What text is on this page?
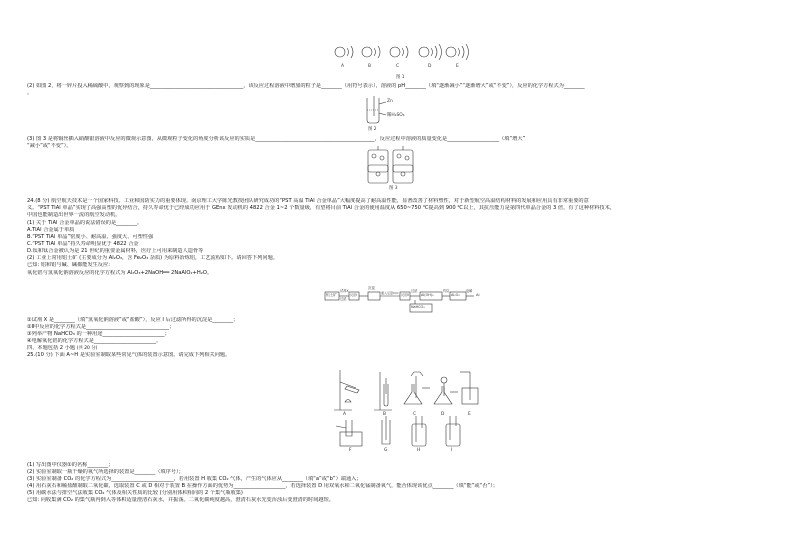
A	B	C	D	E
图 1
(2) 如图 2，将一锌片投入稀硫酸中，观察到的现象是____________________________________，该反应过程溶液中增加的粒子是________（用符号表示），溶液的 pH________（填“逐渐减小”“逐渐增大”或“不变”），反应的化学方程式为________
。
Zn
稀H₂SO₄
图 2
(3) 图 3 是将铜丝插入硝酸银溶液中反应的微观示意图，从微观粒子变化的角度分析该反应的实质是______________________________________________，反应过程中溶液的质量变化是____________________（填“增大”
“减小”或“不变”）。
图 3
24.(8 分) 航空航天技术是一个国家科技、工业和国防实力的重要体现。南京理工大学陈光教授团队研究成功的“PST 高温 TiAl 合金单晶”大幅度提高了耐高温性能，显著改善了材料塑性，对于新型航空高温结构材料的发展和应用具有非常重要的意
义。“PST TiAl 单晶”实现了高强高塑的优异结合，持久寿命优于已经成功应用于 GEnx 发动机的 4822 合金 1~2 个数量级，有望将目前 TiAl 合金的使用温度从 650~750 ℃提高到 900 ℃以上，其抗压能力是第四代单晶合金的 3 倍，有了这种材料技术，
中国也能制造出世界一流的航空发动机。
(1) 关于 TiAl 合金单晶的说法错误的是________。
A.TiAl 合金属于单质
B.“PST TiAl 单晶”密度小、耐高温、强度大、可塑性强
C.“PST TiAl 单晶”持久寿命明显优于 4822 合金
D.钛和钛合金被认为是 21 世纪的重要金属材料，医疗上可用来制造人造骨等
(2) 工业上常用铝土矿 (主要成分为 Al₂O₃，含 Fe₂O₃ 杂质) 为原料冶炼铝，工艺流程如下。请回答下列问题。
已知: 铝和铝与碱、碱都能发生反应:
氧化铝与氢氧化钠溶液反应的化学方程式为 Al₂O₃+2NaOH══ 2NaAlO₂+H₂O。
铝土矿
试剂X
过滤
反应Ⅰ
沉淀
通入足量CO₂ 反应Ⅱ
过滤
Al(OH)₃
灼烧
Al₂O₃
电解
Al
NaHCO₃
①试剂 X 是________（填“氢氧化钠溶液”或“盐酸”），反应 Ⅰ 后过滤所得的沉淀是________；
②Ⅱ中反应的化学方程式是________________________________；
③列举产物 NaHCO₃ 的一种用途________________________；
④电解氧化铝的化学方程式是________________________。
四、本题包括 2 小题 (共 20 分)
25.(10 分) 下面 A~H 是实验室制取某些常见气体的装置示意图。请完成下列相关问题。
A	B	C	D	E
F	G	H	I
(1) 写出图中仪器①的名称________；
(2) 实验室制取一瓶干燥的氧气所选择的装置是________（填序号）；
(3) 实验室制备 CO₂ 的化学方程式为________________________，若用装置 H 收集 CO₂ 气体，产生的气体应从________（填“a”或“b”）端通入；
(4) 用石灰石和稀盐酸制取二氧化碳，选取装置 C 或 D 相对于装置 B 在操作方面的优势为____________________，若选择装置 D 用双氧水和二氧化锰制备氧气，能否体现该优点________（填“能”或“否”）；
(5) 用碳水法与排空气法收集 CO₂ 气体及相关性质的比较 (分别用体积相同的 2 个集气瓶收集)
已知: 向收集满 CO₂ 的集气瓶内倒入等体积适量澄清石灰水，并振荡。二氧化碳纯度越高，澄清石灰水先变浑浊后变澄清的时间越短。
